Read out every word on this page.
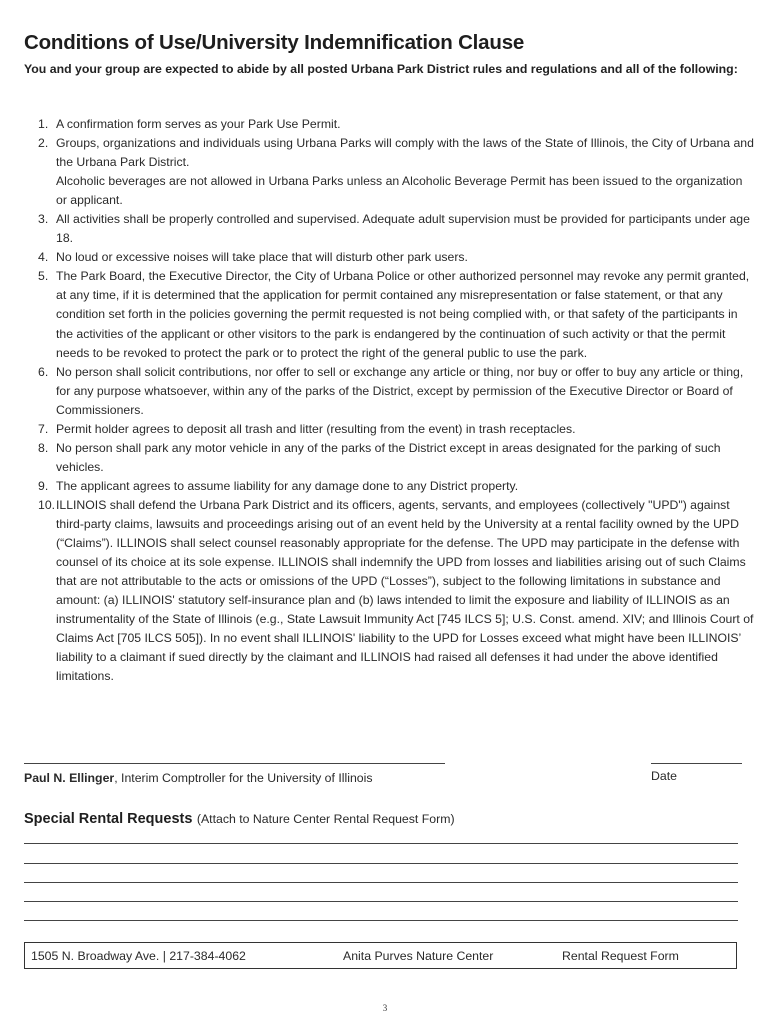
Conditions of Use/University Indemnification Clause
You and your group are expected to abide by all posted Urbana Park District rules and regulations and all of the following:
1. A confirmation form serves as your Park Use Permit.
2. Groups, organizations and individuals using Urbana Parks will comply with the laws of the State of Illinois, the City of Urbana and the Urbana Park District.
Alcoholic beverages are not allowed in Urbana Parks unless an Alcoholic Beverage Permit has been issued to the organization or applicant.
3. All activities shall be properly controlled and supervised. Adequate adult supervision must be provided for participants under age 18.
4. No loud or excessive noises will take place that will disturb other park users.
5. The Park Board, the Executive Director, the City of Urbana Police or other authorized personnel may revoke any permit granted, at any time, if it is determined that the application for permit contained any misrepresentation or false statement, or that any condition set forth in the policies governing the permit requested is not being complied with, or that safety of the participants in the activities of the applicant or other visitors to the park is endangered by the continuation of such activity or that the permit needs to be revoked to protect the park or to protect the right of the general public to use the park.
6. No person shall solicit contributions, nor offer to sell or exchange any article or thing, nor buy or offer to buy any article or thing, for any purpose whatsoever, within any of the parks of the District, except by permission of the Executive Director or Board of Commissioners.
7. Permit holder agrees to deposit all trash and litter (resulting from the event) in trash receptacles.
8. No person shall park any motor vehicle in any of the parks of the District except in areas designated for the parking of such vehicles.
9. The applicant agrees to assume liability for any damage done to any District property.
10. ILLINOIS shall defend the Urbana Park District and its officers, agents, servants, and employees (collectively "UPD") against third-party claims, lawsuits and proceedings arising out of an event held by the University at a rental facility owned by the UPD (“Claims”). ILLINOIS shall select counsel reasonably appropriate for the defense. The UPD may participate in the defense with counsel of its choice at its sole expense. ILLINOIS shall indemnify the UPD from losses and liabilities arising out of such Claims that are not attributable to the acts or omissions of the UPD (“Losses”), subject to the following limitations in substance and amount: (a) ILLINOIS' statutory self-insurance plan and (b) laws intended to limit the exposure and liability of ILLINOIS as an instrumentality of the State of Illinois (e.g., State Lawsuit Immunity Act [745 ILCS 5]; U.S. Const. amend. XIV; and Illinois Court of Claims Act [705 ILCS 505]). In no event shall ILLINOIS' liability to the UPD for Losses exceed what might have been ILLINOIS’ liability to a claimant if sued directly by the claimant and ILLINOIS had raised all defenses it had under the above identified limitations.
Paul N. Ellinger, Interim Comptroller for the University of Illinois	Date
Special Rental Requests (Attach to Nature Center Rental Request Form)
1505 N. Broadway Ave. | 217-384-4062	Anita Purves Nature Center	Rental Request Form
3
